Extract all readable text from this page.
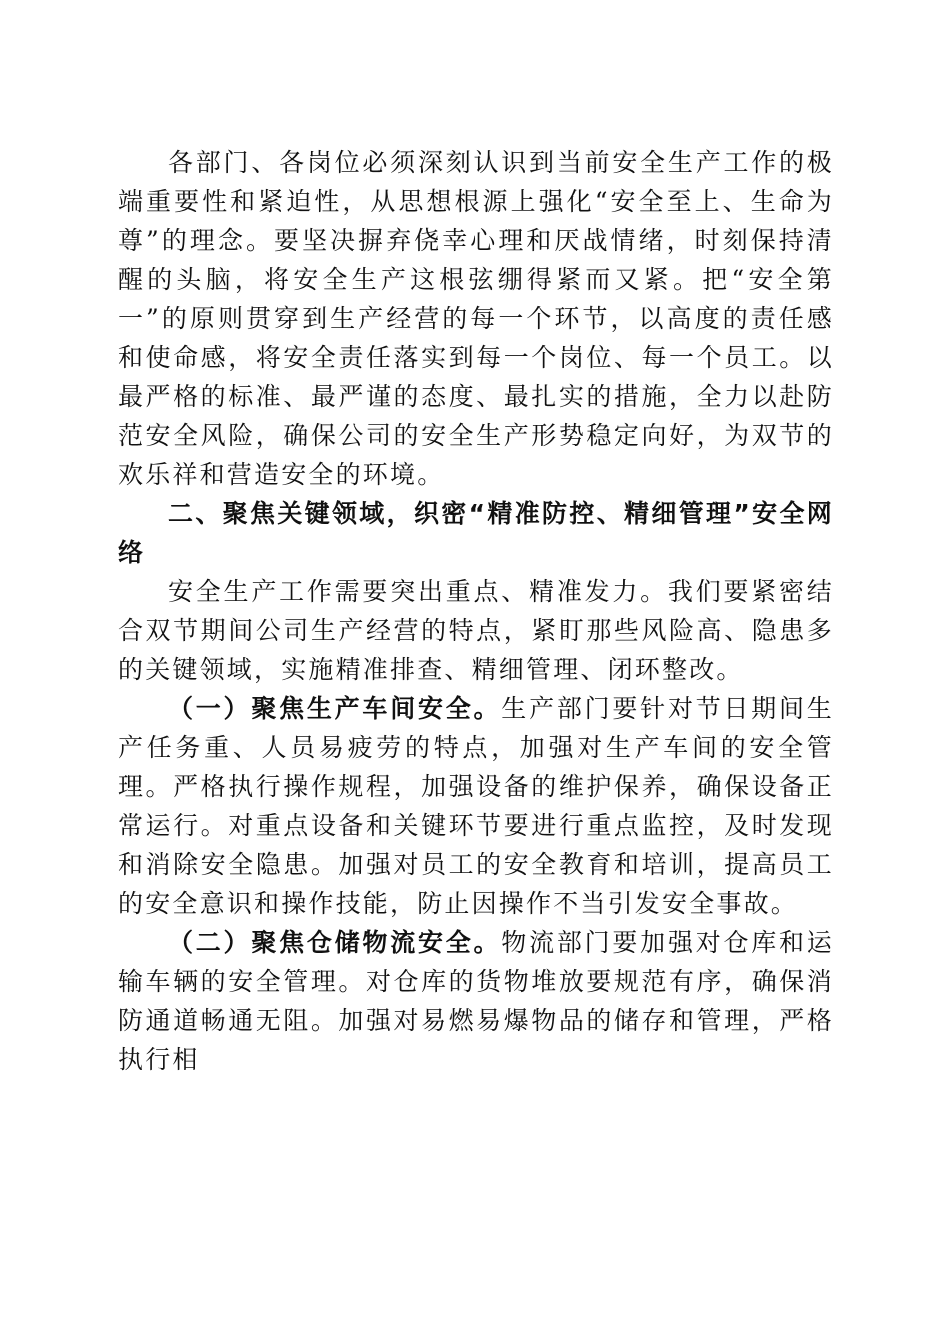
各部门、各岗位必须深刻认识到当前安全生产工作的极端重要性和紧迫性，从思想根源上强化“安全至上、生命为尊”的理念。要坚决摒弃侥幸心理和厌战情绪，时刻保持清醒的头脑，将安全生产这根弦绷得紧而又紧。把“安全第一”的原则贯穿到生产经营的每一个环节，以高度的责任感和使命感，将安全责任落实到每一个岗位、每一个员工。以最严格的标准、最严谨的态度、最扎实的措施，全力以赴防范安全风险，确保公司的安全生产形势稳定向好，为双节的欢乐祥和营造安全的环境。

二、聚焦关键领域，织密“精准防控、精细管理”安全网络

安全生产工作需要突出重点、精准发力。我们要紧密结合双节期间公司生产经营的特点，紧盯那些风险高、隐患多的关键领域，实施精准排查、精细管理、闭环整改。

（一）聚焦生产车间安全。生产部门要针对节日期间生产任务重、人员易疲劳的特点，加强对生产车间的安全管理。严格执行操作规程，加强设备的维护保养，确保设备正常运行。对重点设备和关键环节要进行重点监控，及时发现和消除安全隐患。加强对员工的安全教育和培训，提高员工的安全意识和操作技能，防止因操作不当引发安全事故。

（二）聚焦仓储物流安全。物流部门要加强对仓库和运输车辆的安全管理。对仓库的货物堆放要规范有序，确保消防通道畅通无阻。加强对易燃易爆物品的储存和管理，严格执行相
